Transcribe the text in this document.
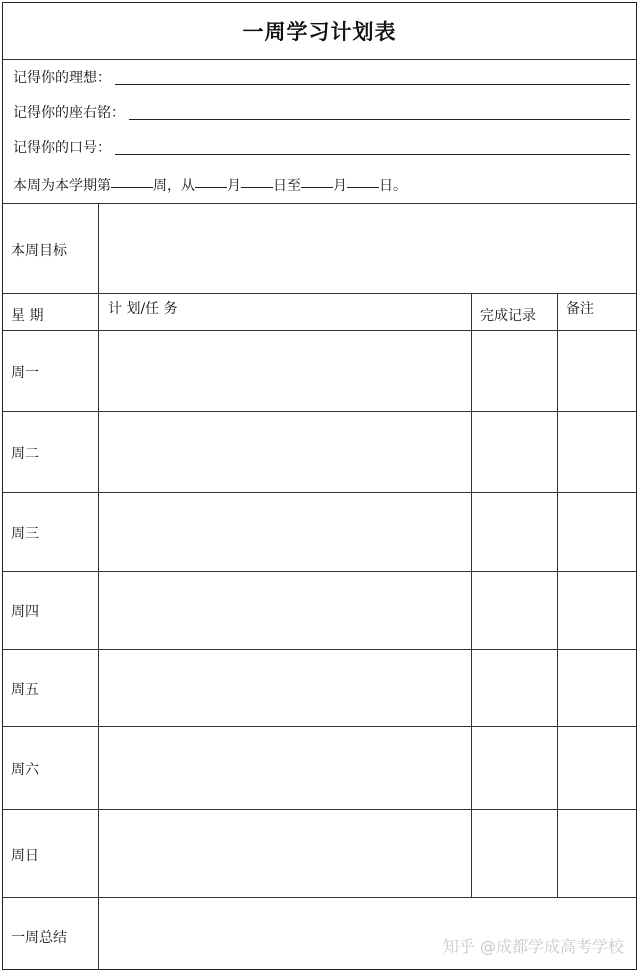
一周学习计划表
记得你的理想：
记得你的座右铭：
记得你的口号：
本周为本学期第	周，从 月 日至 月 日。
本周目标
星 期	计 划/任 务	完成记录 备注
周一
周二
周三
周四
周五
周六
周日
一周总结	知乎 @成都学成高考学校
